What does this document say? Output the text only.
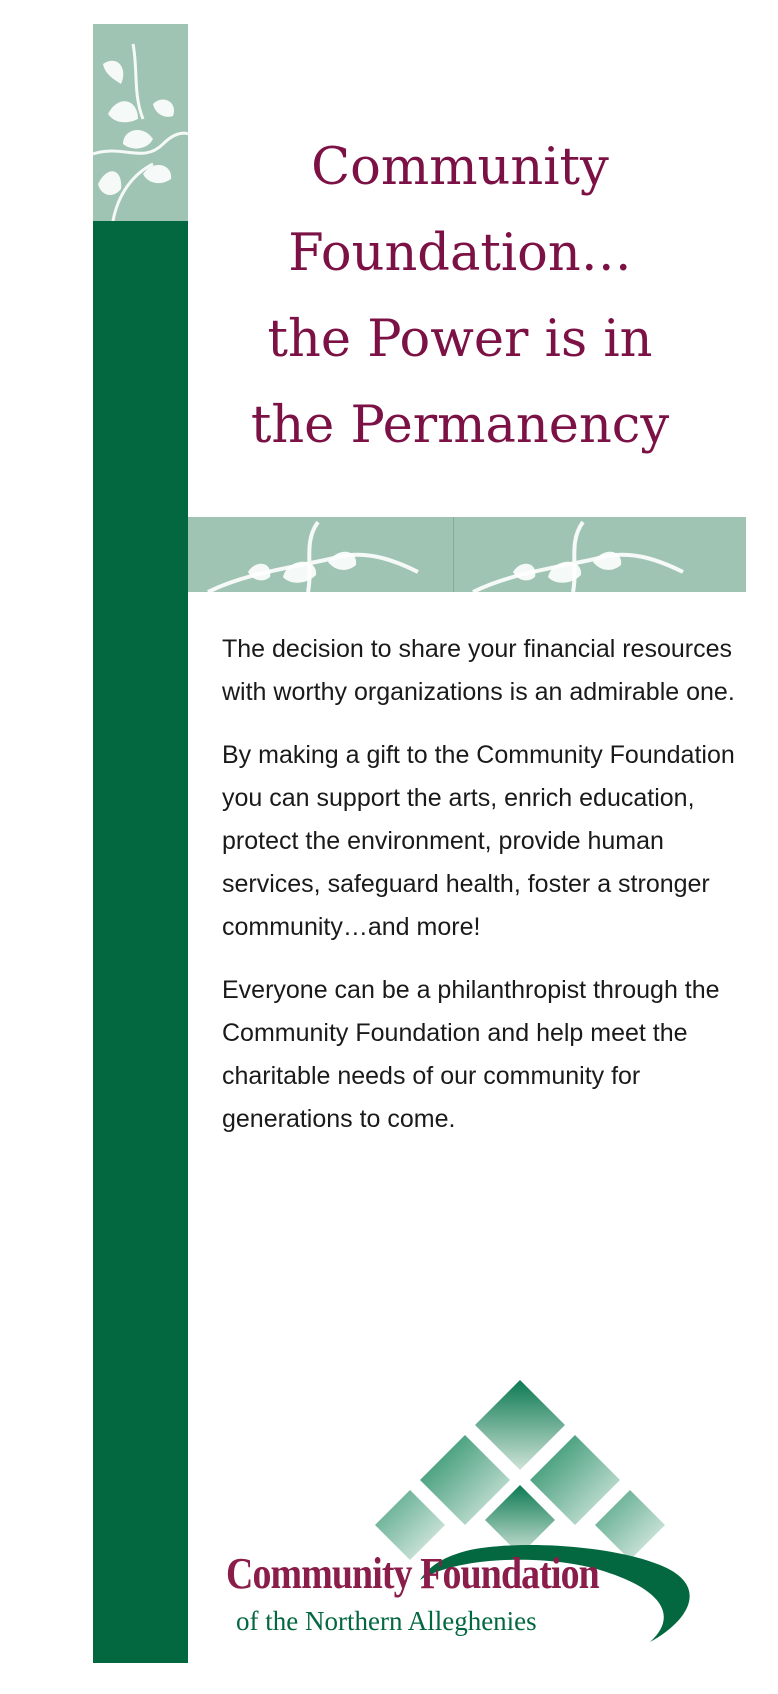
Community
Foundation…
the Power is in
the Permanency

The decision to share your financial resources with worthy organizations is an admirable one.

By making a gift to the Community Foundation you can support the arts, enrich education, protect the environment, provide human services, safeguard health, foster a stronger community…and more!

Everyone can be a philanthropist through the Community Foundation and help meet the charitable needs of our community for generations to come.

Community Foundation
of the Northern Alleghenies
